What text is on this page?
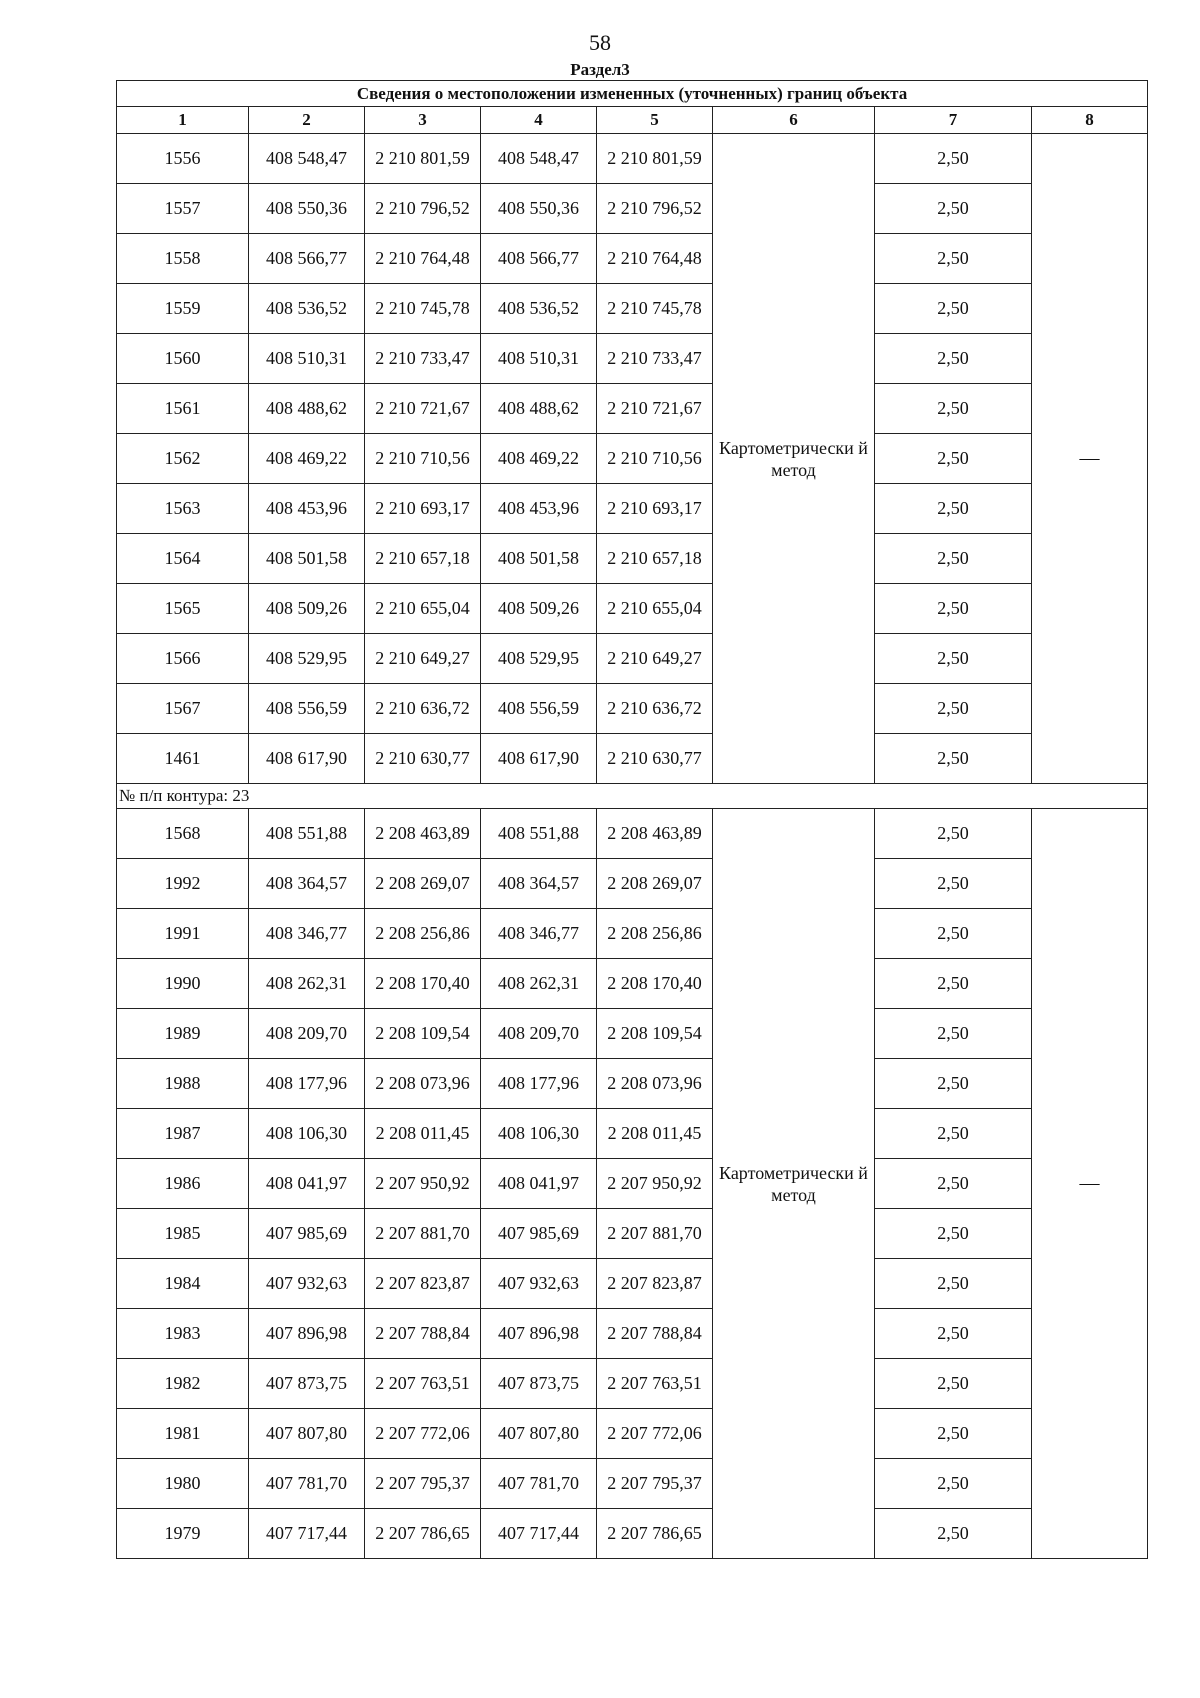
58
Раздел3
Сведения о местоположении измененных (уточненных) границ объекта							
1	2	3	4	5	6	7	8
1556	408 548,47	2 210 801,59	408 548,47	2 210 801,59	Картометрически й метод	2,50	—
1557	408 550,36	2 210 796,52	408 550,36	2 210 796,52		2,50	
1558	408 566,77	2 210 764,48	408 566,77	2 210 764,48		2,50	
1559	408 536,52	2 210 745,78	408 536,52	2 210 745,78		2,50	
1560	408 510,31	2 210 733,47	408 510,31	2 210 733,47		2,50	
1561	408 488,62	2 210 721,67	408 488,62	2 210 721,67		2,50	
1562	408 469,22	2 210 710,56	408 469,22	2 210 710,56		2,50	
1563	408 453,96	2 210 693,17	408 453,96	2 210 693,17		2,50	
1564	408 501,58	2 210 657,18	408 501,58	2 210 657,18		2,50	
1565	408 509,26	2 210 655,04	408 509,26	2 210 655,04		2,50	
1566	408 529,95	2 210 649,27	408 529,95	2 210 649,27		2,50	
1567	408 556,59	2 210 636,72	408 556,59	2 210 636,72		2,50	
1461	408 617,90	2 210 630,77	408 617,90	2 210 630,77		2,50	
№ п/п контура: 23							
1568	408 551,88	2 208 463,89	408 551,88	2 208 463,89	Картометрически й метод	2,50	—
1992	408 364,57	2 208 269,07	408 364,57	2 208 269,07		2,50	
1991	408 346,77	2 208 256,86	408 346,77	2 208 256,86		2,50	
1990	408 262,31	2 208 170,40	408 262,31	2 208 170,40		2,50	
1989	408 209,70	2 208 109,54	408 209,70	2 208 109,54		2,50	
1988	408 177,96	2 208 073,96	408 177,96	2 208 073,96		2,50	
1987	408 106,30	2 208 011,45	408 106,30	2 208 011,45		2,50	
1986	408 041,97	2 207 950,92	408 041,97	2 207 950,92		2,50	
1985	407 985,69	2 207 881,70	407 985,69	2 207 881,70		2,50	
1984	407 932,63	2 207 823,87	407 932,63	2 207 823,87		2,50	
1983	407 896,98	2 207 788,84	407 896,98	2 207 788,84		2,50	
1982	407 873,75	2 207 763,51	407 873,75	2 207 763,51		2,50	
1981	407 807,80	2 207 772,06	407 807,80	2 207 772,06		2,50	
1980	407 781,70	2 207 795,37	407 781,70	2 207 795,37		2,50	
1979	407 717,44	2 207 786,65	407 717,44	2 207 786,65		2,50	
